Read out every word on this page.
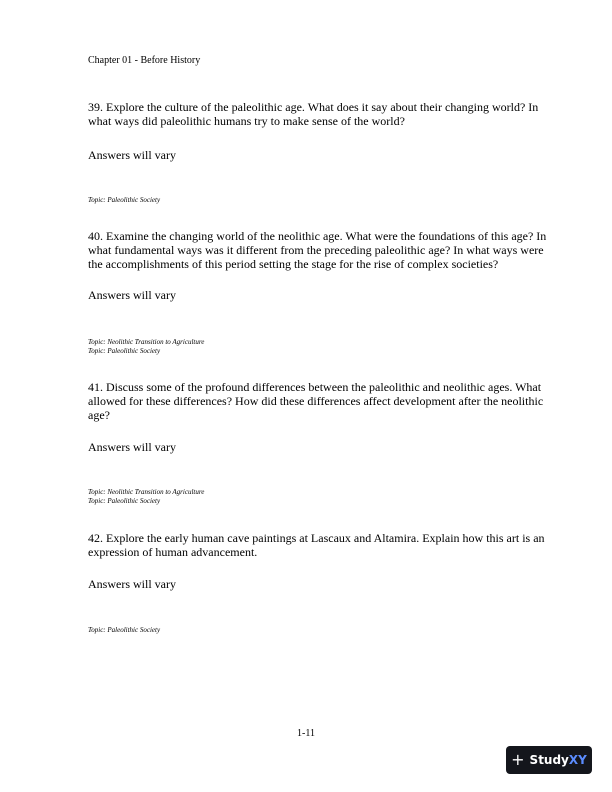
Chapter 01 - Before History

39. Explore the culture of the paleolithic age. What does it say about their changing world? In what ways did paleolithic humans try to make sense of the world?

Answers will vary
Topic: Paleolithic Society

40. Examine the changing world of the neolithic age. What were the foundations of this age? In what fundamental ways was it different from the preceding paleolithic age? In what ways were the accomplishments of this period setting the stage for the rise of complex societies?

Answers will vary
Topic: Neolithic Transition to Agriculture
Topic: Paleolithic Society

41. Discuss some of the profound differences between the paleolithic and neolithic ages. What allowed for these differences? How did these differences affect development after the neolithic age?

Answers will vary
Topic: Neolithic Transition to Agriculture
Topic: Paleolithic Society

42. Explore the early human cave paintings at Lascaux and Altamira. Explain how this art is an expression of human advancement.

Answers will vary
Topic: Paleolithic Society
1-11
+ StudyXY
